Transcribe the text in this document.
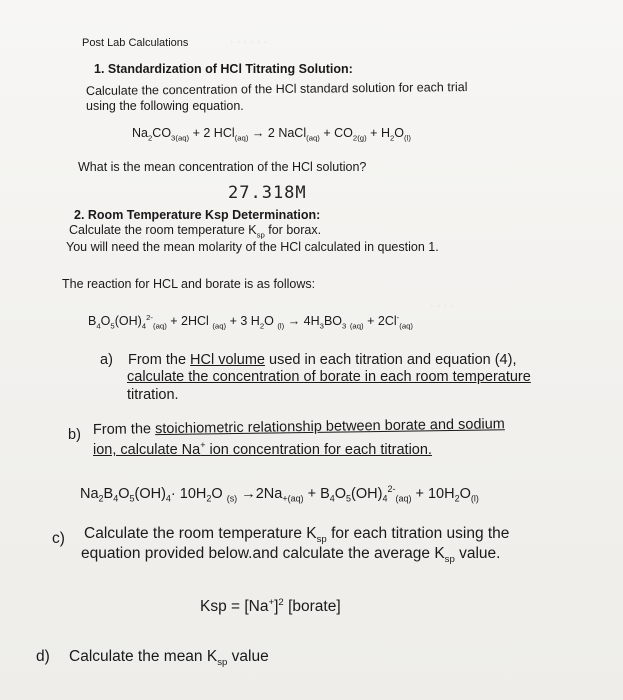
· · · · · ·
· · · ·
Post Lab Calculations
1. Standardization of HCl Titrating Solution:
Calculate the concentration of the HCl standard solution for each trial
using the following equation.
$Na_2CO_{3(aq)} + 2$ HCl$_{(aq)}$ → 2 NaCl$_{(aq)}$ + $CO_{2(g)} + H_2O_{(l)}$
What is the mean concentration of the HCl solution?
27.318M
2. Room Temperature Ksp Determination:
Calculate the room temperature $K_{sp}$ for borax.
You will need the mean molarity of the HCl calculated in question 1.
The reaction for HCL and borate is as follows:
$B_4O_5(OH)_4^{2-}_{(aq)} + 2HCl$ $_{(aq)}$ + 3 $H_2O$ $_{(l)} \to 4H_3BO_3$ $_{(aq)} + 2Cl^-_{(aq)}$
a) From the HCl volume used in each titration and equation (4),
calculate the concentration of borate in each room temperature
titration.
b) From the stoichiometric relationship between borate and sodium
ion, calculate Na+ ion concentration for each titration.
$Na_2B_4O_5(OH)_4\cdot 10H_2O$ $_{(s)} \to 2Na_{+(aq)} + B_4O_5(OH)_4^{2-}_{(aq)} + 10H_2O_{(l)}$
c) Calculate the room temperature $K_{sp}$ for each titration using the
equation provided below.and calculate the average $K_{sp}$ value.
Ksp = $[Na^+]^2$ [borate]
d) Calculate the mean $K_{sp}$ value
